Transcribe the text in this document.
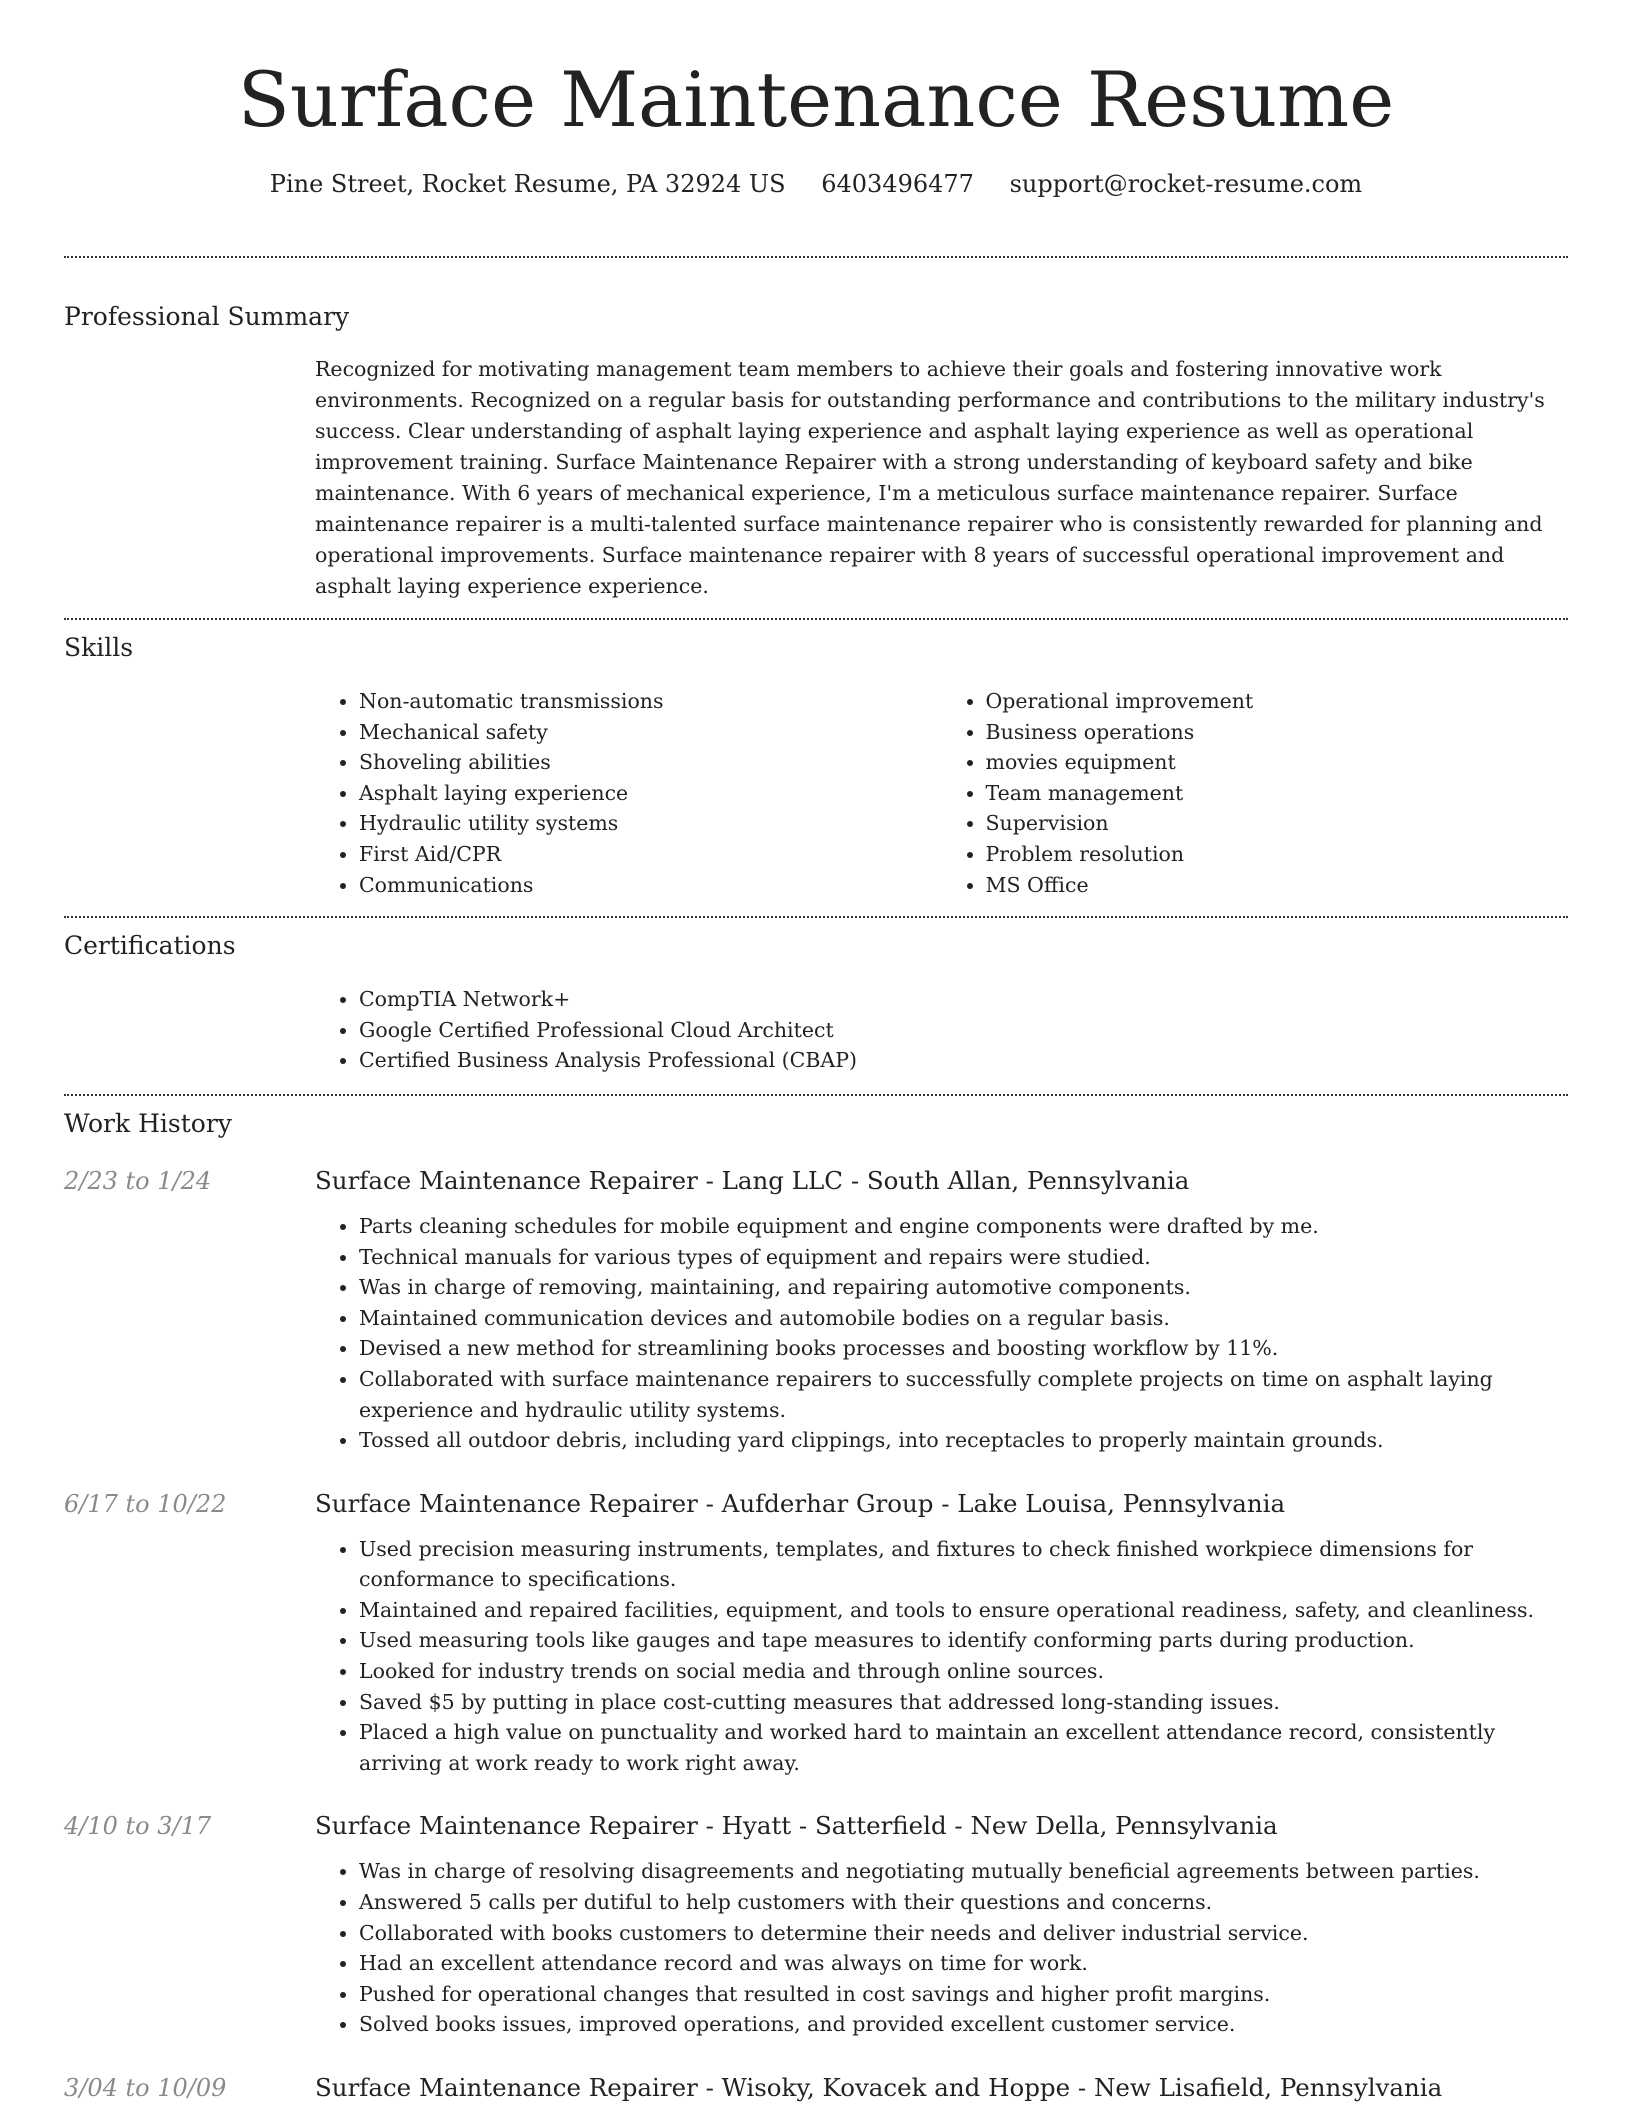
Surface Maintenance Resume
Pine Street, Rocket Resume, PA 32924 US 6403496477 support@rocket-resume.com
Professional Summary

Recognized for motivating management team members to achieve their goals and fostering innovative work environments. Recognized on a regular basis for outstanding performance and contributions to the military industry's success. Clear understanding of asphalt laying experience and asphalt laying experience as well as operational improvement training. Surface Maintenance Repairer with a strong understanding of keyboard safety and bike maintenance. With 6 years of mechanical experience, I'm a meticulous surface maintenance repairer. Surface maintenance repairer is a multi-talented surface maintenance repairer who is consistently rewarded for planning and operational improvements. Surface maintenance repairer with 8 years of successful operational improvement and asphalt laying experience experience.

Skills
• Non-automatic transmissions
• Mechanical safety
• Shoveling abilities
• Asphalt laying experience
• Hydraulic utility systems
• First Aid/CPR
• Communications
• Operational improvement
• Business operations
• movies equipment
• Team management
• Supervision
• Problem resolution
• MS Office
Certifications
• CompTIA Network+
• Google Certified Professional Cloud Architect
• Certified Business Analysis Professional (CBAP)
Work History
2/23 to 1/24	Surface Maintenance Repairer - Lang LLC - South Allan, Pennsylvania
• Parts cleaning schedules for mobile equipment and engine components were drafted by me.
• Technical manuals for various types of equipment and repairs were studied.
• Was in charge of removing, maintaining, and repairing automotive components.
• Maintained communication devices and automobile bodies on a regular basis.
• Devised a new method for streamlining books processes and boosting workflow by 11%.
• Collaborated with surface maintenance repairers to successfully complete projects on time on asphalt laying experience and hydraulic utility systems.
• Tossed all outdoor debris, including yard clippings, into receptacles to properly maintain grounds.
6/17 to 10/22	Surface Maintenance Repairer - Aufderhar Group - Lake Louisa, Pennsylvania
• Used precision measuring instruments, templates, and fixtures to check finished workpiece dimensions for conformance to specifications.
• Maintained and repaired facilities, equipment, and tools to ensure operational readiness, safety, and cleanliness.
• Used measuring tools like gauges and tape measures to identify conforming parts during production.
• Looked for industry trends on social media and through online sources.
• Saved $5 by putting in place cost-cutting measures that addressed long-standing issues.
• Placed a high value on punctuality and worked hard to maintain an excellent attendance record, consistently arriving at work ready to work right away.
4/10 to 3/17	Surface Maintenance Repairer - Hyatt - Satterfield - New Della, Pennsylvania
• Was in charge of resolving disagreements and negotiating mutually beneficial agreements between parties.
• Answered 5 calls per dutiful to help customers with their questions and concerns.
• Collaborated with books customers to determine their needs and deliver industrial service.
• Had an excellent attendance record and was always on time for work.
• Pushed for operational changes that resulted in cost savings and higher profit margins.
• Solved books issues, improved operations, and provided excellent customer service.
3/04 to 10/09	Surface Maintenance Repairer - Wisoky, Kovacek and Hoppe - New Lisafield, Pennsylvania
